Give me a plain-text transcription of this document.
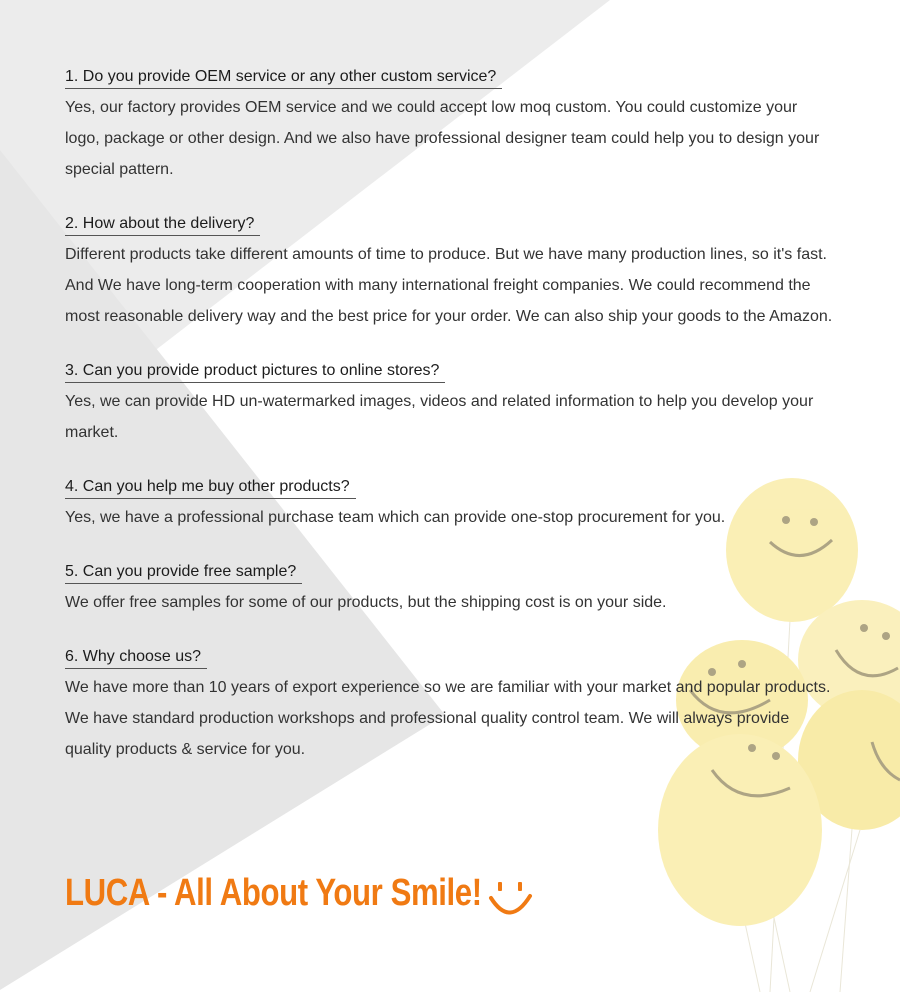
1. Do you provide OEM service or any other custom service?

Yes, our factory provides OEM service and we could accept low moq custom. You could customize your logo, package or other design. And we also have professional designer team could help you to design your special pattern.

2. How about the delivery?

Different products take different amounts of time to produce. But we have many production lines, so it's fast. And We have long-term cooperation with many international freight companies. We could recommend the most reasonable delivery way and the best price for your order. We can also ship your goods to the Amazon.

3. Can you provide product pictures to online stores?

Yes, we can provide HD un-watermarked images, videos and related information to help you develop your market.

4. Can you help me buy other products?

Yes, we have a professional purchase team which can provide one-stop procurement for you.

5. Can you provide free sample?

We offer free samples for some of our products, but the shipping cost is on your side.

6. Why choose us?

We have more than 10 years of export experience so we are familiar with your market and popular products. We have standard production workshops and professional quality control team. We will always provide quality products & service for you.

LUCA - All About Your Smile!
